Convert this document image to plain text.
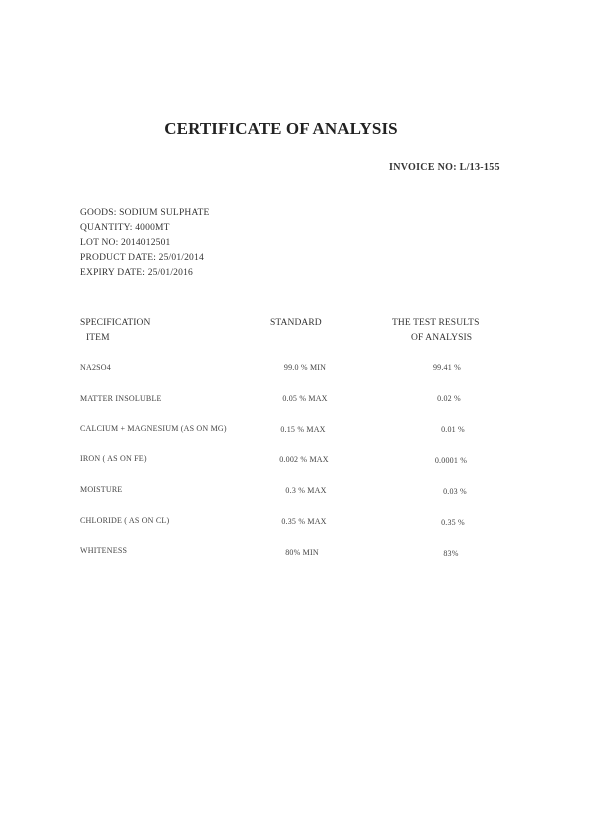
CERTIFICATE OF ANALYSIS
INVOICE NO: L/13-155
GOODS: SODIUM SULPHATE
QUANTITY: 4000MT
LOT NO: 2014012501
PRODUCT DATE: 25/01/2014
EXPIRY DATE: 25/01/2016
SPECIFICATION
ITEM
STANDARD	THE TEST RESULTS
OF ANALYSIS
NA2SO4	99.0 % MIN	99.41 %
MATTER INSOLUBLE	0.05 % MAX	0.02 %
CALCIUM + MAGNESIUM (AS ON MG)	0.15 % MAX	0.01 %
IRON ( AS ON FE)	0.002 % MAX	0.0001 %
MOISTURE	0.3 % MAX	0.03 %
CHLORIDE ( AS ON CL)	0.35 % MAX	0.35 %
WHITENESS	80% MIN	83%
